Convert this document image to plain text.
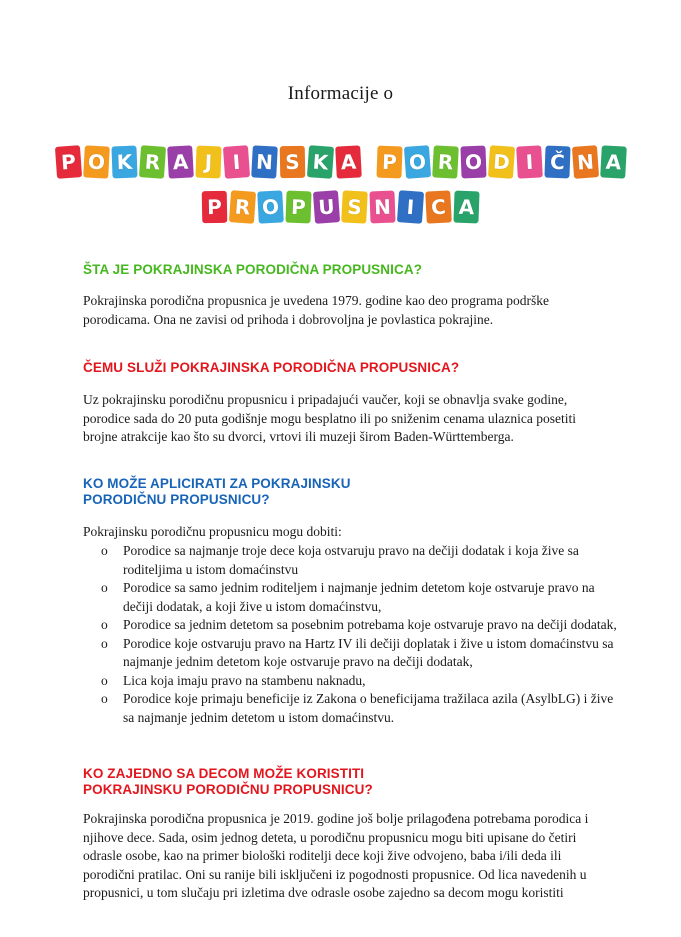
Informacije o
P O K R A J I N S K A P O R O D I Č N A
P R O P U S N I C A
ŠTA JE POKRAJINSKA PORODIČNA PROPUSNICA?

Pokrajinska porodična propusnica je uvedena 1979. godine kao deo programa podrške porodicama. Ona ne zavisi od prihoda i dobrovoljna je povlastica pokrajine.

ČEMU SLUŽI POKRAJINSKA PORODIČNA PROPUSNICA?

Uz pokrajinsku porodičnu propusnicu i pripadajući vaučer, koji se obnavlja svake godine, porodice sada do 20 puta godišnje mogu besplatno ili po sniženim cenama ulaznica posetiti brojne atrakcije kao što su dvorci, vrtovi ili muzeji širom Baden-Württemberga.

KO MOŽE APLICIRATI ZA POKRAJINSKU PORODIČNU PROPUSNICU?

Pokrajinsku porodičnu propusnicu mogu dobiti:

o Porodice sa najmanje troje dece koja ostvaruju pravo na dečiji dodatak i koja žive sa roditeljima u istom domaćinstvu
o Porodice sa samo jednim roditeljem i najmanje jednim detetom koje ostvaruje pravo na dečiji dodatak, a koji žive u istom domaćinstvu,
o Porodice sa jednim detetom sa posebnim potrebama koje ostvaruje pravo na dečiji dodatak,
o Porodice koje ostvaruju pravo na Hartz IV ili dečiji doplatak i žive u istom domaćinstvu sa najmanje jednim detetom koje ostvaruje pravo na dečiji dodatak,
o Lica koja imaju pravo na stambenu naknadu,
o Porodice koje primaju beneficije iz Zakona o beneficijama tražilaca azila (AsylbLG) i žive sa najmanje jednim detetom u istom domaćinstvu.
KO ZAJEDNO SA DECOM MOŽE KORISTITI POKRAJINSKU PORODIČNU PROPUSNICU?

Pokrajinska porodična propusnica je 2019. godine još bolje prilagođena potrebama porodica i njihove dece. Sada, osim jednog deteta, u porodičnu propusnicu mogu biti upisane do četiri odrasle osobe, kao na primer biološki roditelji dece koji žive odvojeno, baba i/ili deda ili porodični pratilac. Oni su ranije bili isključeni iz pogodnosti propusnice. Od lica navedenih u propusnici, u tom slučaju pri izletima dve odrasle osobe zajedno sa decom mogu koristiti
